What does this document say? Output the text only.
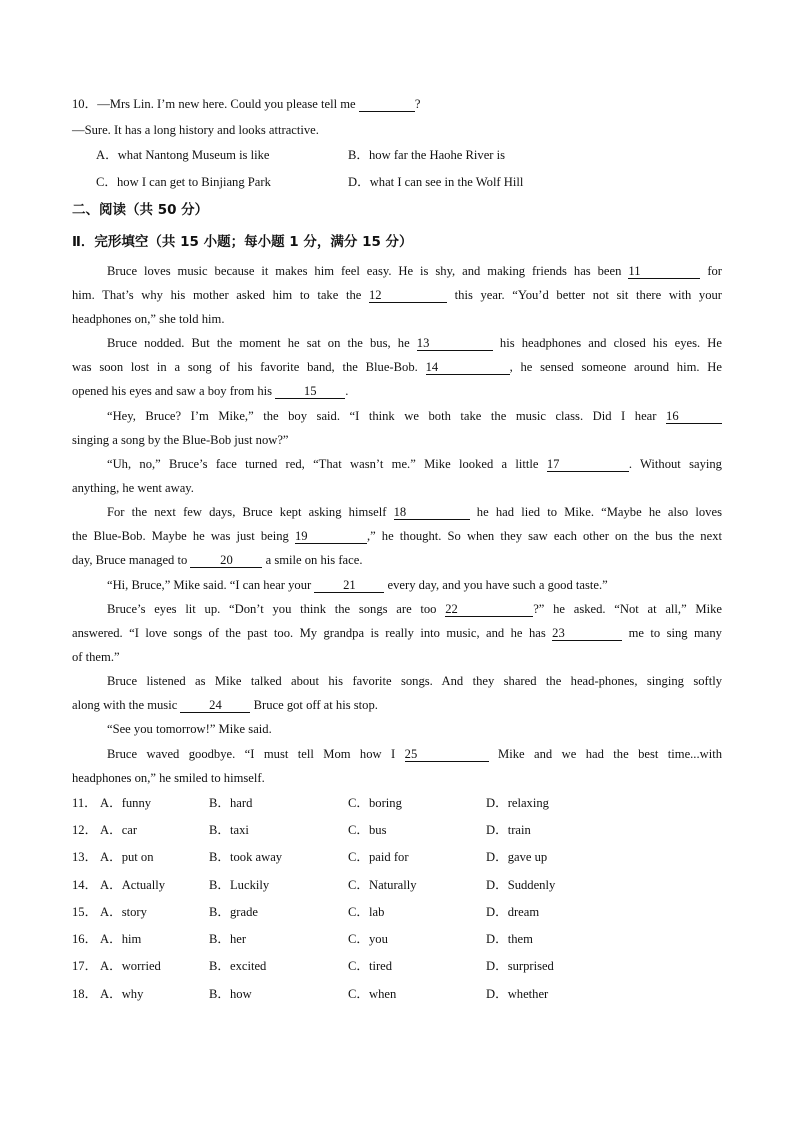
10．—Mrs Lin. I’m new here. Could you please tell me	?
—Sure. It has a long history and looks attractive.
A．what Nantong Museum is like	B．how far the Haohe River is
C．how I can get to Binjiang Park	D．what I can see in the Wolf Hill
二、阅读（共 50 分）
Ⅱ．完形填空（共 15 小题；每小题 1 分，满分 15 分）
Bruce loves music because it makes him feel easy. He is shy, and making friends has been 11	for
him. That’s why his mother asked him to take the 12	this year. “You’d better not sit there with your
headphones on,” she told him.
Bruce nodded. But the moment he sat on the bus, he 13	his headphones and closed his eyes. He
was soon lost in a song of his favorite band, the Blue-Bob. 14	, he sensed someone around him. He
opened his eyes and saw a boy from his	15 .
“Hey, Bruce? I’m Mike,” the boy said. “I think we both take the music class. Did I hear 16
singing a song by the Blue-Bob just now?”
“Uh, no,” Bruce’s face turned red, “That wasn’t me.” Mike looked a little 17	. Without saying
anything, he went away.
For the next few days, Bruce kept asking himself 18	he had lied to Mike. “Maybe he also loves
the Blue-Bob. Maybe he was just being 19	,” he thought. So when they saw each other on the bus the next
day, Bruce managed to	20	a smile on his face.
“Hi, Bruce,” Mike said. “I can hear your	21	every day, and you have such a good taste.”
Bruce’s eyes lit up. “Don’t you think the songs are too 22	?” he asked. “Not at all,” Mike
answered. “I love songs of the past too. My grandpa is really into music, and he has 23	me to sing many
of them.”
Bruce listened as Mike talked about his favorite songs. And they shared the head-phones, singing softly
along with the music	24	Bruce got off at his stop.
“See you tomorrow!” Mike said.
Bruce waved goodbye. “I must tell Mom how I 25	Mike and we had the best time...with
headphones on,” he smiled to himself.
11． A．funny	B．hard	C．boring	D．relaxing
12． A．car	B．taxi	C．bus	D．train
13． A．put on	B．took away	C．paid for	D．gave up
14． A．Actually	B．Luckily	C．Naturally	D．Suddenly
15． A．story	B．grade	C．lab	D．dream
16． A．him	B．her	C．you	D．them
17． A．worried	B．excited	C．tired	D．surprised
18． A．why	B．how	C．when	D．whether
